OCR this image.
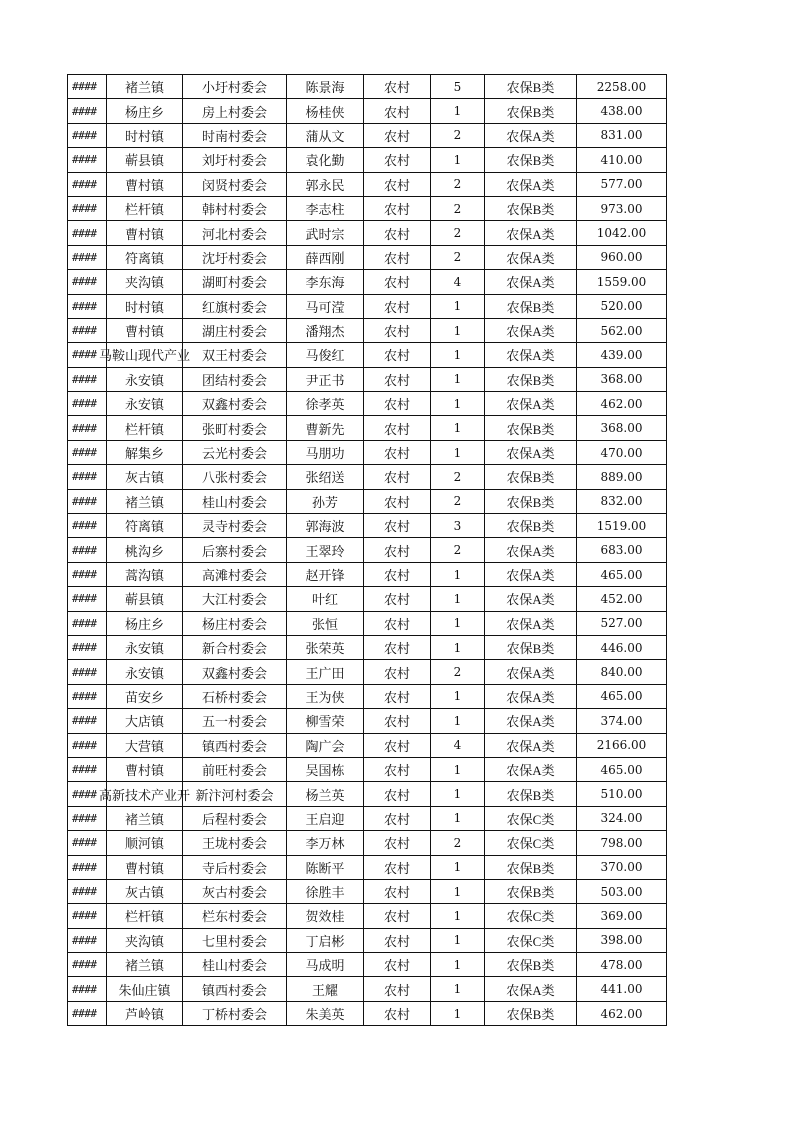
####	褚兰镇	小圩村委会	陈景海	农村	5	农保B类	2258.00

####	杨庄乡	房上村委会	杨桂侠	农村	1	农保B类	438.00

####	时村镇	时南村委会	蒲从文	农村	2	农保A类	831.00

####	蕲县镇	刘圩村委会	袁化勤	农村	1	农保B类	410.00

####	曹村镇	闵贤村委会	郭永民	农村	2	农保A类	577.00

####	栏杆镇	韩村村委会	李志柱	农村	2	农保B类	973.00

####	曹村镇	河北村委会	武时宗	农村	2	农保A类	1042.00

####	符离镇	沈圩村委会	薛西刚	农村	2	农保A类	960.00

####	夹沟镇	湖町村委会	李东海	农村	4	农保A类	1559.00

####	时村镇	红旗村委会	马可滢	农村	1	农保B类	520.00

####	曹村镇	湖庄村委会	潘翔杰	农村	1	农保A类	562.00

####	马鞍山现代产业	双王村委会	马俊红	农村	1	农保A类	439.00

####	永安镇	团结村委会	尹正书	农村	1	农保B类	368.00

####	永安镇	双鑫村委会	徐孝英	农村	1	农保A类	462.00

####	栏杆镇	张町村委会	曹新先	农村	1	农保B类	368.00

####	解集乡	云光村委会	马朋功	农村	1	农保A类	470.00

####	灰古镇	八张村委会	张绍送	农村	2	农保B类	889.00

####	褚兰镇	桂山村委会	孙芳	农村	2	农保B类	832.00

####	符离镇	灵寺村委会	郭海波	农村	3	农保B类	1519.00

####	桃沟乡	后寨村委会	王翠玲	农村	2	农保A类	683.00

####	蒿沟镇	高滩村委会	赵开锋	农村	1	农保A类	465.00

####	蕲县镇	大江村委会	叶红	农村	1	农保A类	452.00

####	杨庄乡	杨庄村委会	张恒	农村	1	农保A类	527.00

####	永安镇	新合村委会	张荣英	农村	1	农保B类	446.00

####	永安镇	双鑫村委会	王广田	农村	2	农保A类	840.00

####	苗安乡	石桥村委会	王为侠	农村	1	农保A类	465.00

####	大店镇	五一村委会	柳雪荣	农村	1	农保A类	374.00

####	大营镇	镇西村委会	陶广会	农村	4	农保A类	2166.00

####	曹村镇	前旺村委会	吴国栋	农村	1	农保A类	465.00

####	高新技术产业开	新汴河村委会	杨兰英	农村	1	农保B类	510.00

####	褚兰镇	后程村委会	王启迎	农村	1	农保C类	324.00

####	顺河镇	王垅村委会	李万林	农村	2	农保C类	798.00

####	曹村镇	寺后村委会	陈断平	农村	1	农保B类	370.00

####	灰古镇	灰古村委会	徐胜丰	农村	1	农保B类	503.00

####	栏杆镇	栏东村委会	贺效桂	农村	1	农保C类	369.00

####	夹沟镇	七里村委会	丁启彬	农村	1	农保C类	398.00

####	褚兰镇	桂山村委会	马成明	农村	1	农保B类	478.00

####	朱仙庄镇	镇西村委会	王耀	农村	1	农保A类	441.00

####	芦岭镇	丁桥村委会	朱美英	农村	1	农保B类	462.00
